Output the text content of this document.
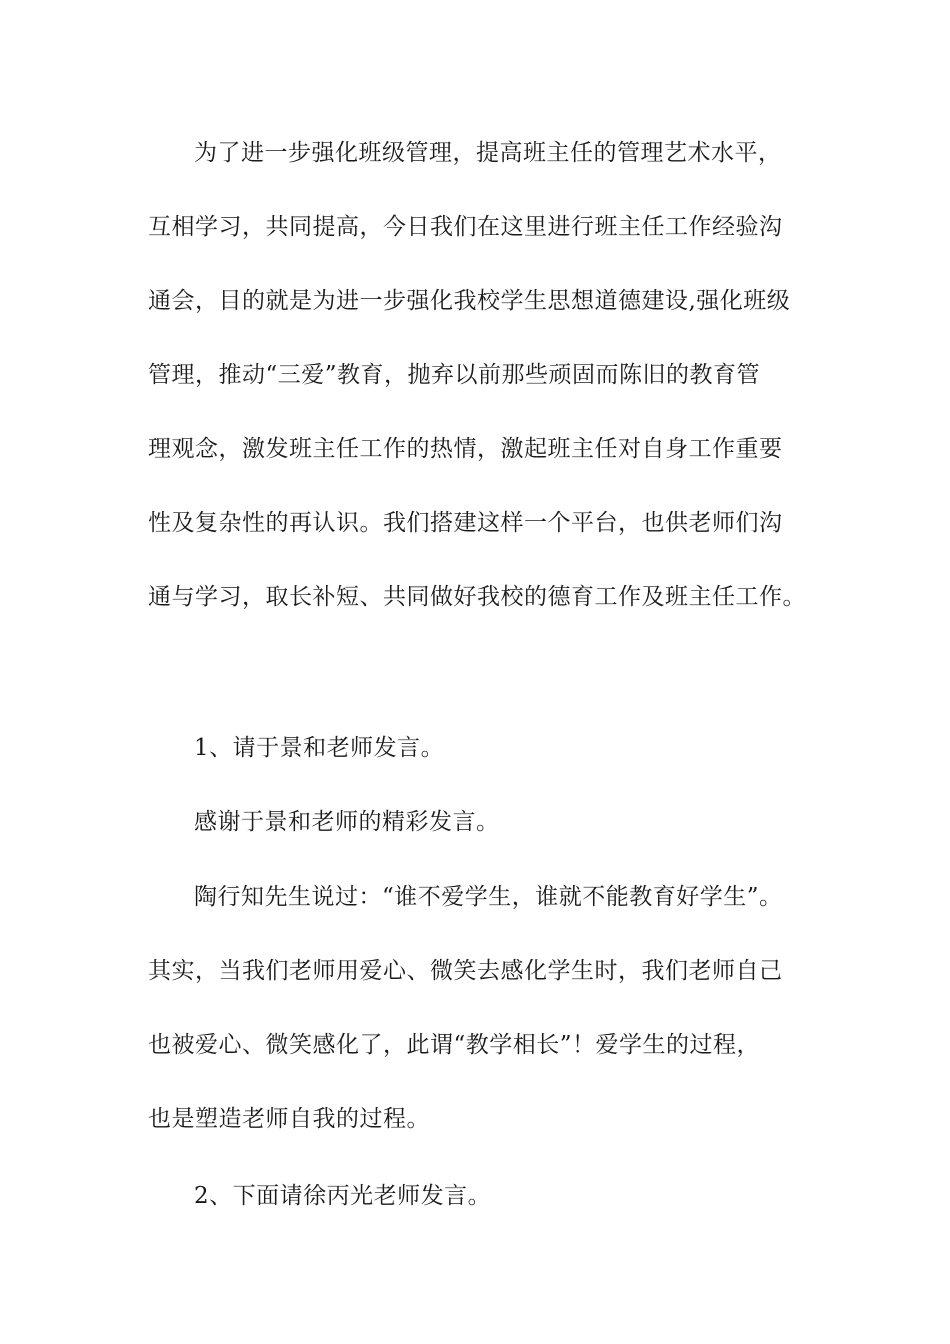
为了进一步强化班级管理，提高班主任的管理艺术水平，
互相学习，共同提高，今日我们在这里进行班主任工作经验沟
通会，目的就是为进一步强化我校学生思想道德建设,强化班级
管理，推动“三爱”教育，抛弃以前那些顽固而陈旧的教育管
理观念，激发班主任工作的热情，激起班主任对自身工作重要
性及复杂性的再认识。我们搭建这样一个平台，也供老师们沟
通与学习，取长补短、共同做好我校的德育工作及班主任工作。
1、请于景和老师发言。
感谢于景和老师的精彩发言。
陶行知先生说过：“谁不爱学生，谁就不能教育好学生”。
其实，当我们老师用爱心、微笑去感化学生时，我们老师自己
也被爱心、微笑感化了，此谓“教学相长”！爱学生的过程，
也是塑造老师自我的过程。
2、下面请徐丙光老师发言。
